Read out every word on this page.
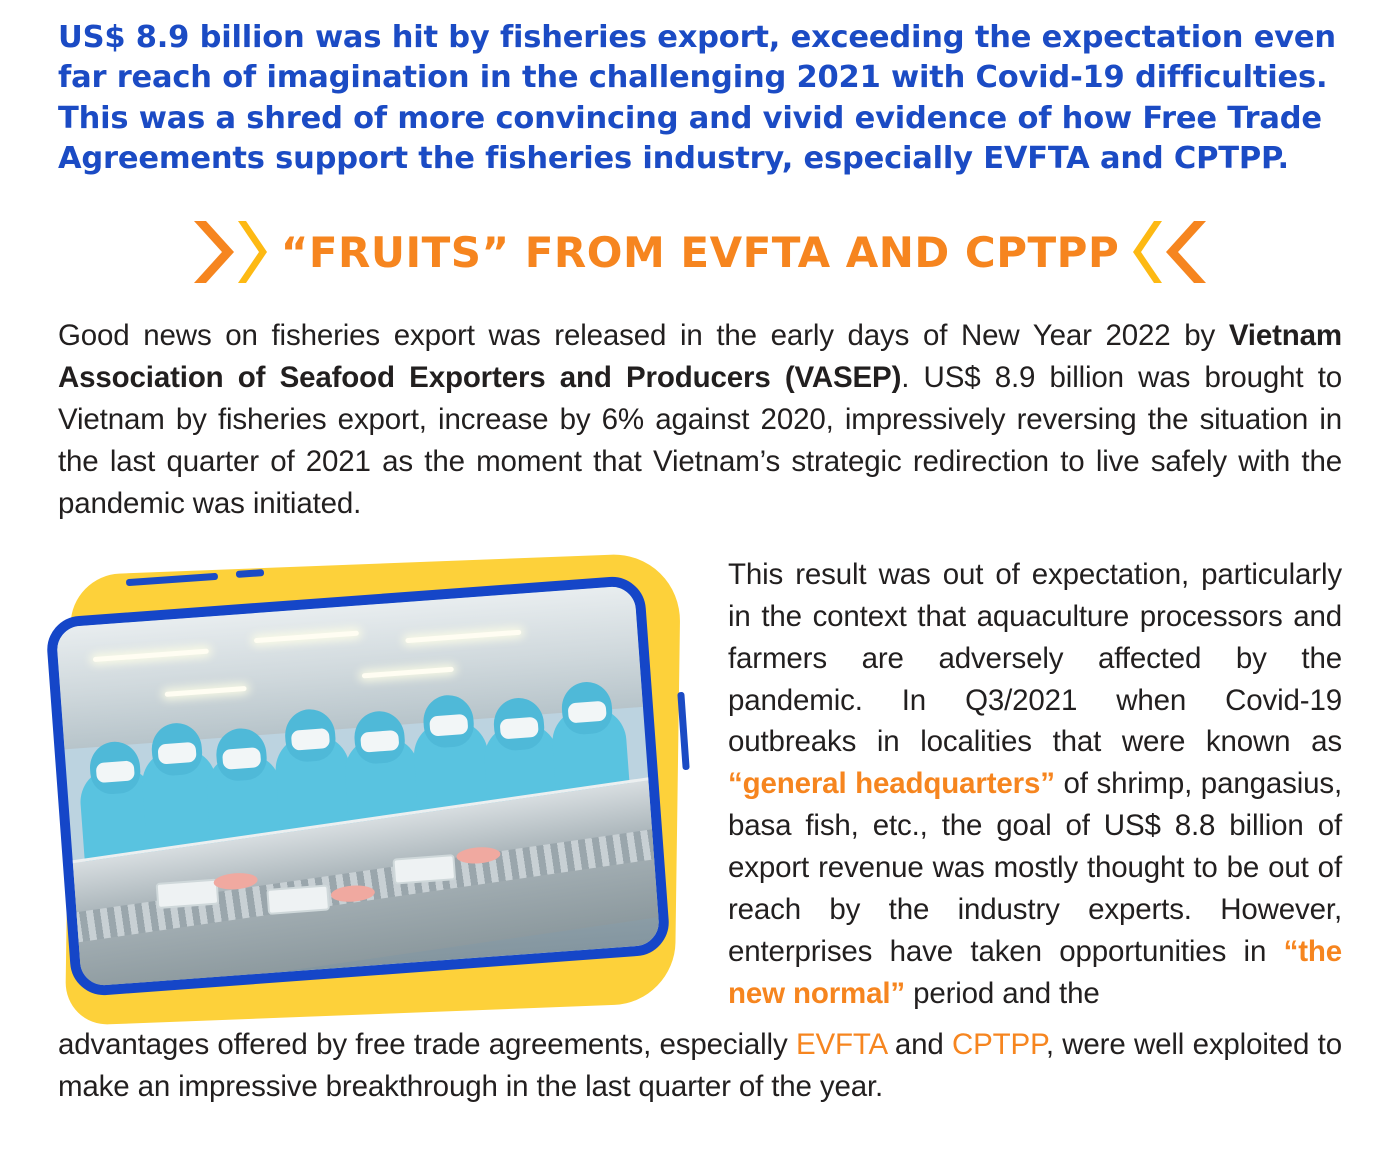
US$ 8.9 billion was hit by fisheries export, exceeding the expectation even far reach of imagination in the challenging 2021 with Covid-19 difficulties. This was a shred of more convincing and vivid evidence of how Free Trade Agreements support the fisheries industry, especially EVFTA and CPTPP.

“FRUITS” FROM EVFTA AND CPTPP

Good news on fisheries export was released in the early days of New Year 2022 by Vietnam Association of Seafood Exporters and Producers (VASEP). US$ 8.9 billion was brought to Vietnam by fisheries export, increase by 6% against 2020, impressively reversing the situation in the last quarter of 2021 as the moment that Vietnam’s strategic redirection to live safely with the pandemic was initiated.

This result was out of expectation, particularly in the context that aquaculture processors and farmers are adversely affected by the pandemic. In Q3/2021 when Covid-19 outbreaks in localities that were known as “general headquarters” of shrimp, pangasius, basa fish, etc., the goal of US$ 8.8 billion of export revenue was mostly thought to be out of reach by the industry experts. However, enterprises have taken opportunities in “the new normal” period and the

advantages offered by free trade agreements, especially EVFTA and CPTPP, were well exploited to make an impressive breakthrough in the last quarter of the year.
